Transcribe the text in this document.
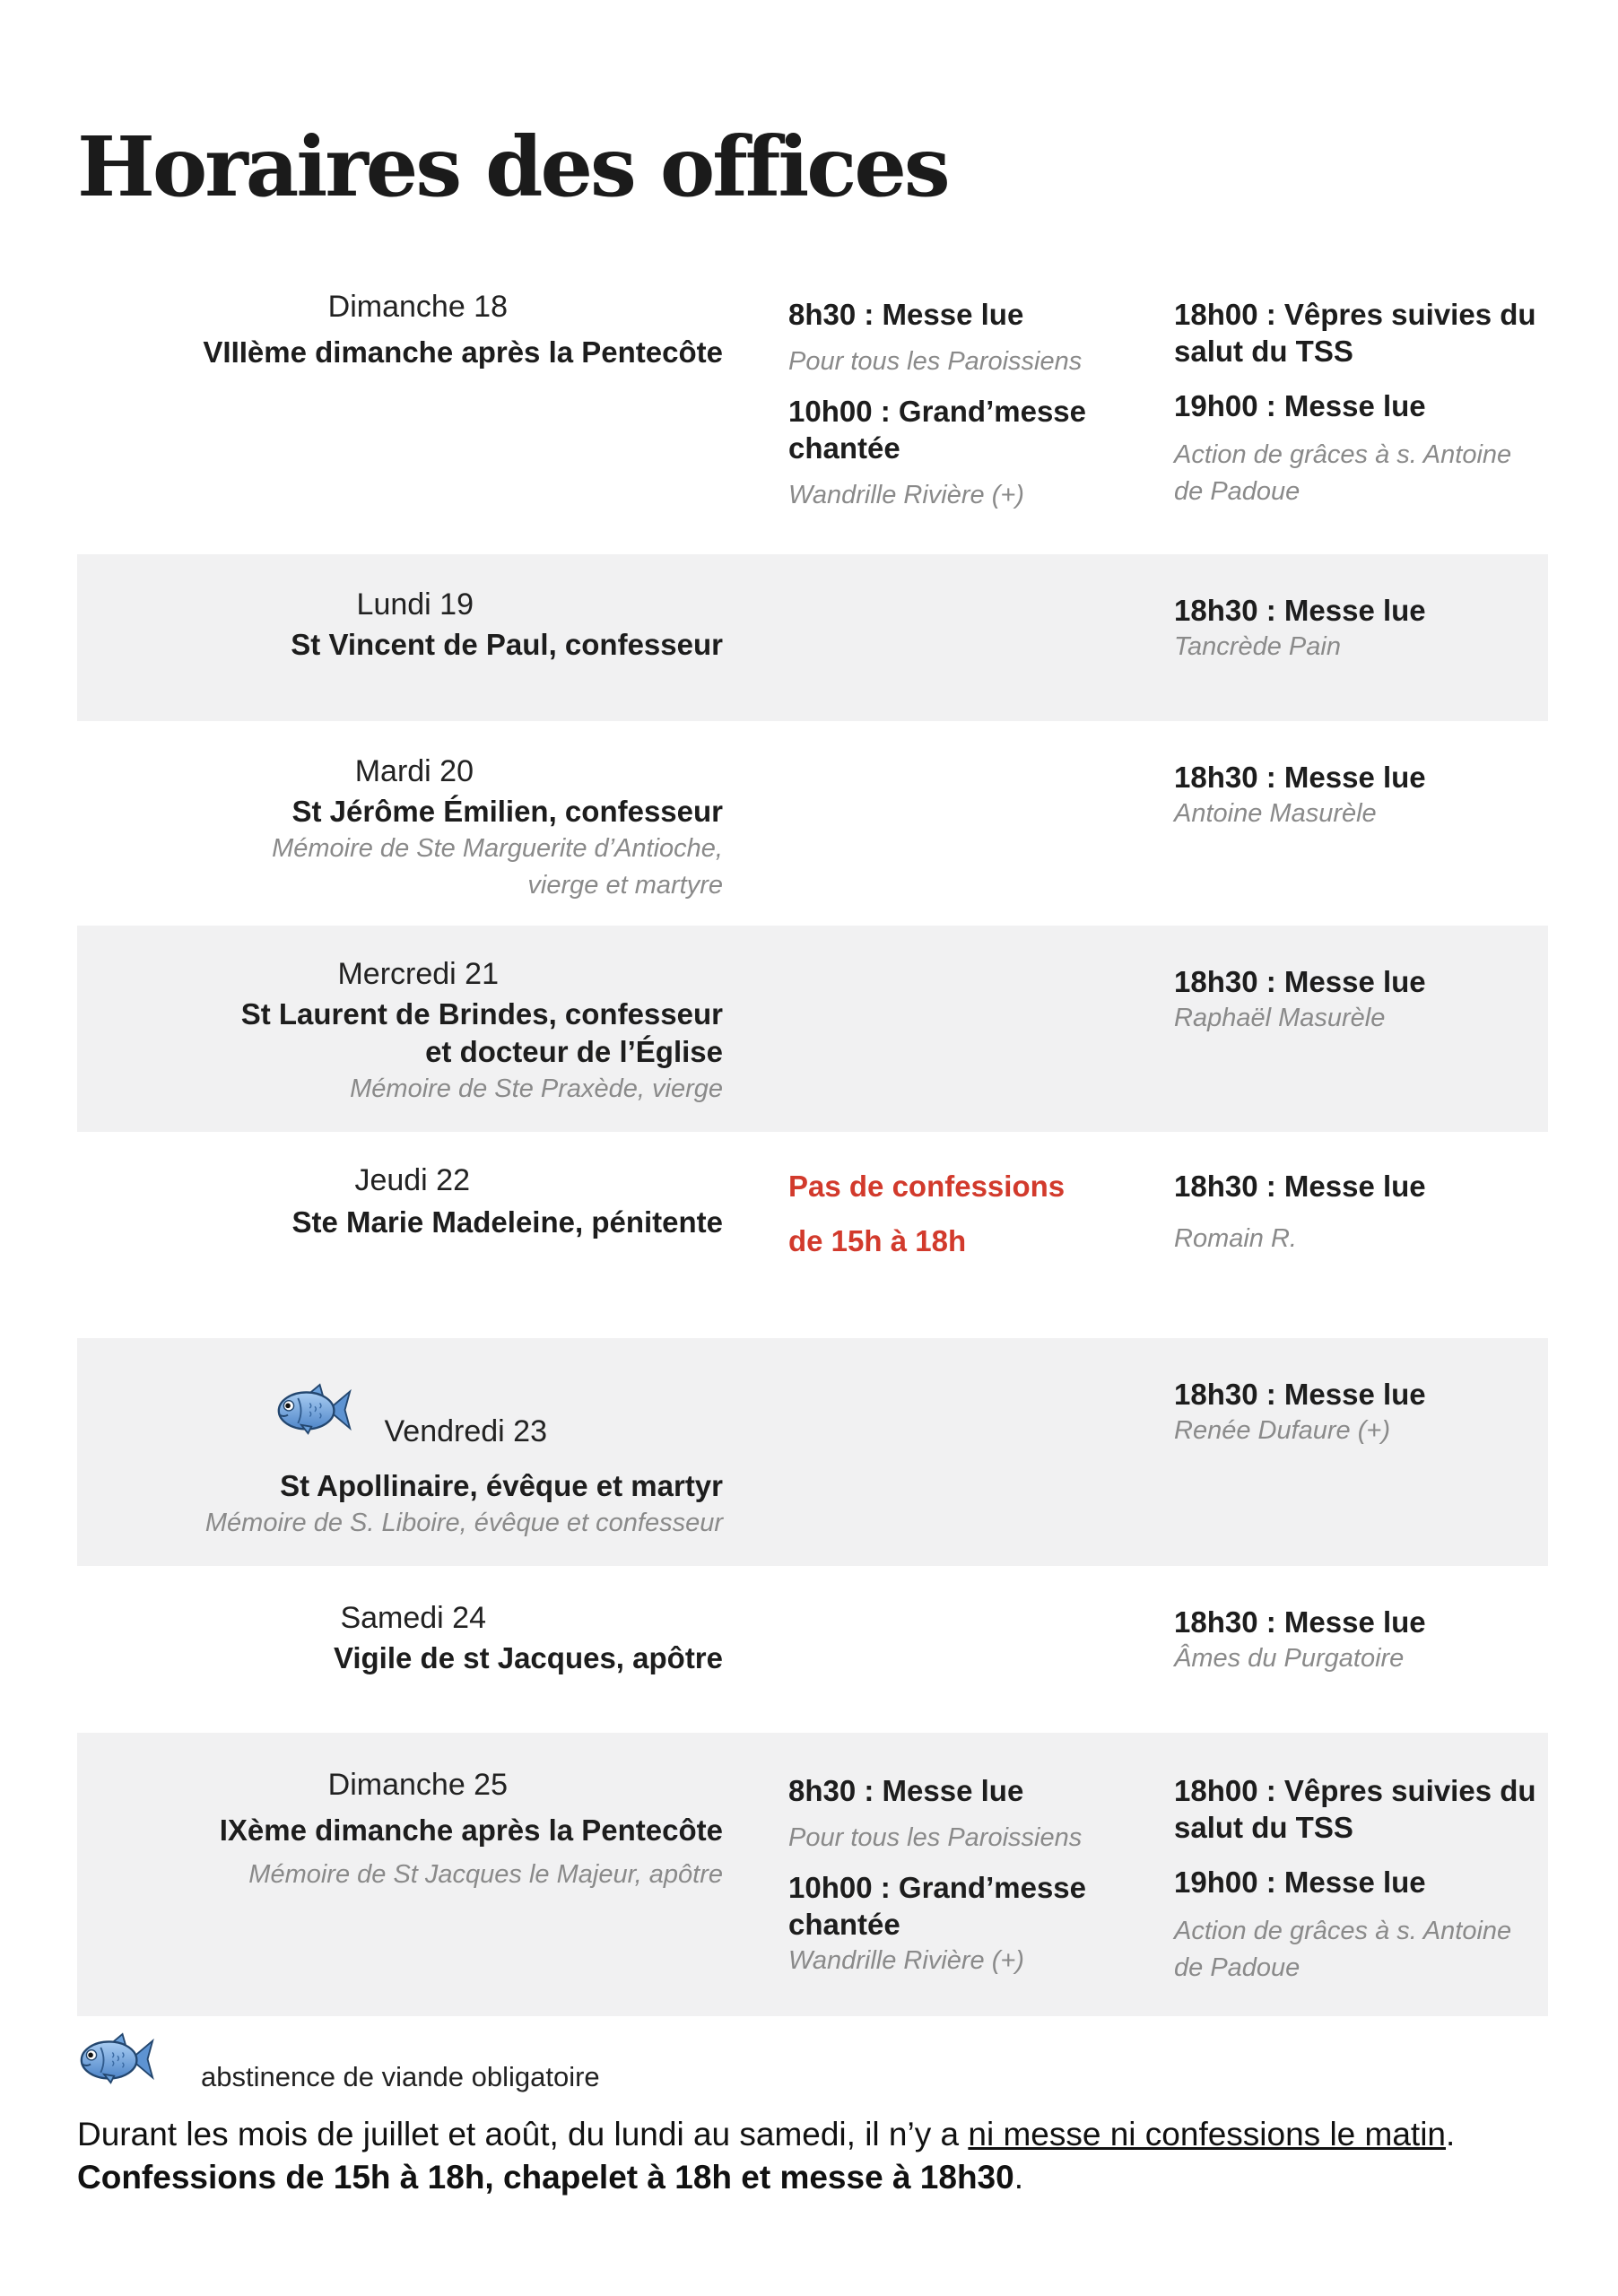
Horaires des offices
Dimanche 18
VIIIème dimanche après la Pentecôte
8h30 : Messe lue
Pour tous les Paroissiens
10h00 : Grand’messe
chantée
Wandrille Rivière (+)
18h00 : Vêpres suivies du
salut du TSS
19h00 : Messe lue
Action de grâces à s. Antoine
de Padoue
Lundi 19
St Vincent de Paul, confesseur
18h30 : Messe lue
Tancrède Pain
Mardi 20
St Jérôme Émilien, confesseur
Mémoire de Ste Marguerite d’Antioche,
vierge et martyre
18h30 : Messe lue
Antoine Masurèle
Mercredi 21
St Laurent de Brindes, confesseur
et docteur de l’Église
Mémoire de Ste Praxède, vierge
18h30 : Messe lue
Raphaël Masurèle
Jeudi 22
Ste Marie Madeleine, pénitente
Pas de confessions
de 15h à 18h
18h30 : Messe lue
Romain R.
Vendredi 23
St Apollinaire, évêque et martyr
Mémoire de S. Liboire, évêque et confesseur
18h30 : Messe lue
Renée Dufaure (+)
Samedi 24
Vigile de st Jacques, apôtre
18h30 : Messe lue
Âmes du Purgatoire
Dimanche 25
IXème dimanche après la Pentecôte
Mémoire de St Jacques le Majeur, apôtre
8h30 : Messe lue
Pour tous les Paroissiens
10h00 : Grand’messe
chantée
Wandrille Rivière (+)
18h00 : Vêpres suivies du
salut du TSS
19h00 : Messe lue
Action de grâces à s. Antoine
de Padoue
abstinence de viande obligatoire
Durant les mois de juillet et août, du lundi au samedi, il n’y a ni messe ni confessions le matin.
Confessions de 15h à 18h, chapelet à 18h et messe à 18h30.
